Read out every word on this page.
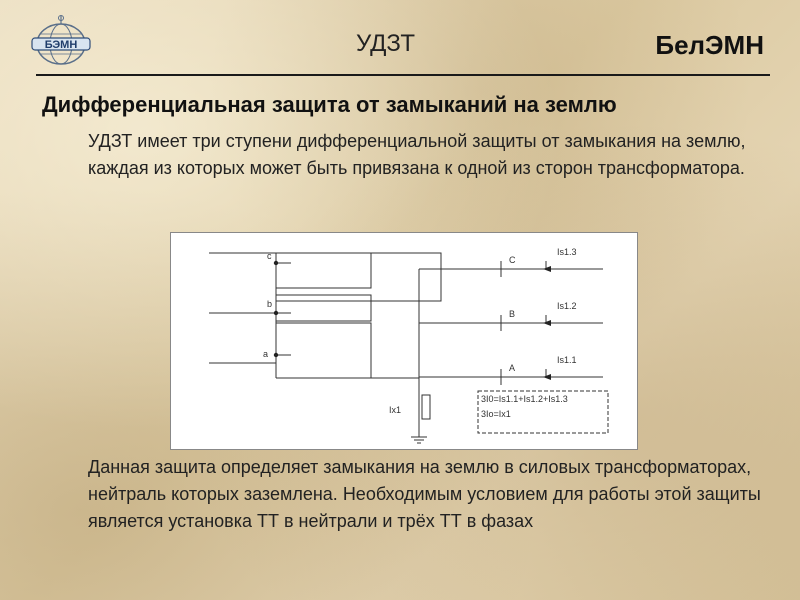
БЭМН	УДЗТ	БелЭМН
Дифференциальная защита от замыканий на землю
УДЗТ имеет три ступени дифференциальной защиты от замыкания на землю, каждая из которых может быть привязана к одной из сторон трансформатора.
c
b
a
C
B
A
Is1.3
Is1.2
Is1.1
Ix1
3I0=Is1.1+Is1.2+Is1.3
3Io=Ix1
Данная защита определяет замыкания на землю в силовых трансформаторах, нейтраль которых заземлена. Необходимым условием для работы этой защиты является установка ТТ в нейтрали и трёх ТТ в фазах
